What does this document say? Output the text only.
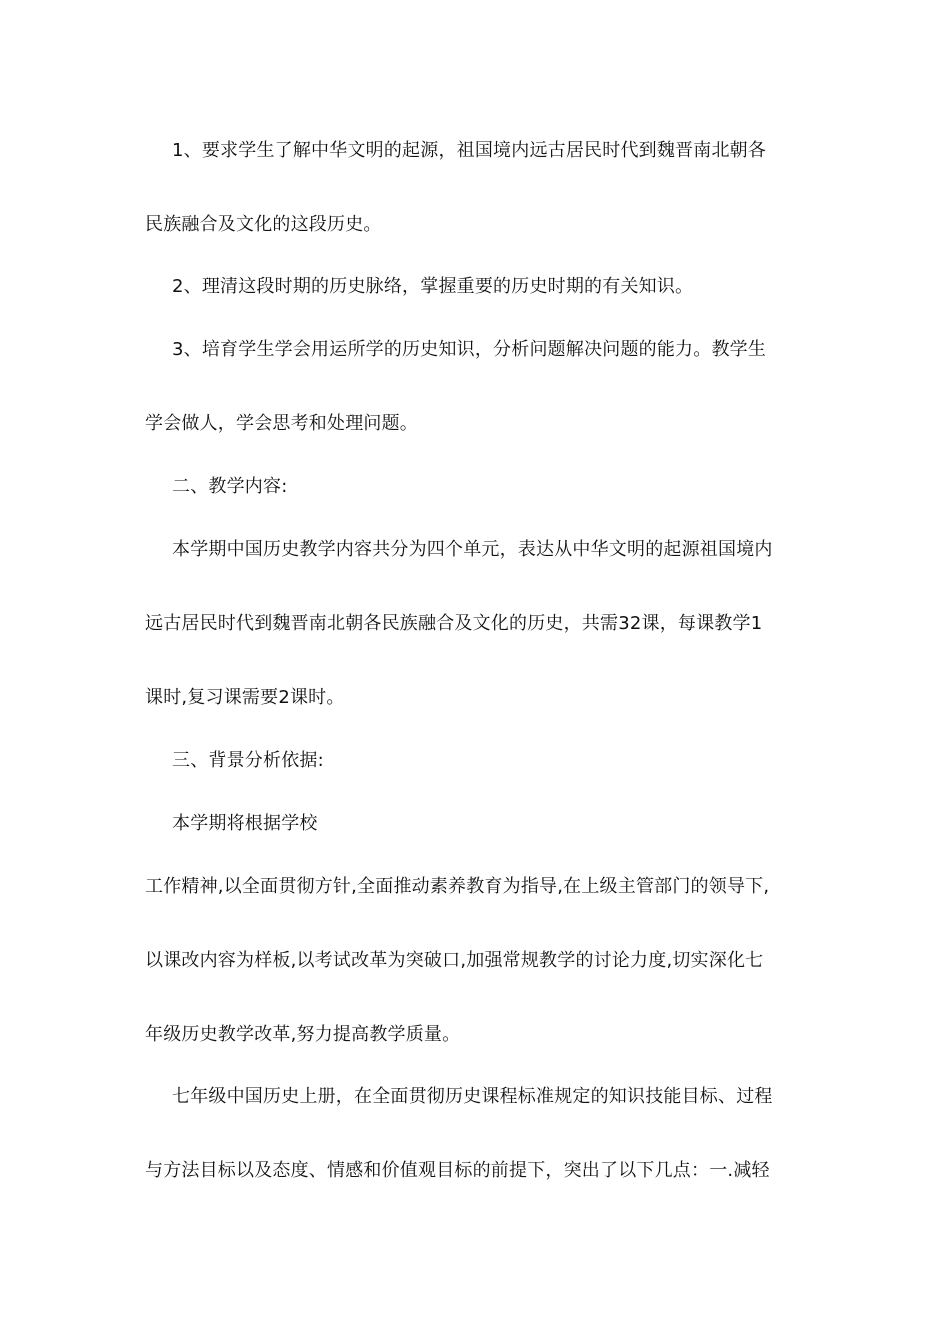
1、要求学生了解中华文明的起源，祖国境内远古居民时代到魏晋南北朝各
民族融合及文化的这段历史。
2、理清这段时期的历史脉络，掌握重要的历史时期的有关知识。
3、培育学生学会用运所学的历史知识，分析问题解决问题的能力。教学生
学会做人，学会思考和处理问题。
二、教学内容:
本学期中国历史教学内容共分为四个单元，表达从中华文明的起源祖国境内
远古居民时代到魏晋南北朝各民族融合及文化的历史，共需32课，每课教学1
课时,复习课需要2课时。
三、背景分析依据:
本学期将根据学校
工作精神,以全面贯彻方针,全面推动素养教育为指导,在上级主管部门的领导下,
以课改内容为样板,以考试改革为突破口,加强常规教学的讨论力度,切实深化七
年级历史教学改革,努力提高教学质量。
七年级中国历史上册，在全面贯彻历史课程标准规定的知识技能目标、过程
与方法目标以及态度、情感和价值观目标的前提下，突出了以下几点：一.减轻
